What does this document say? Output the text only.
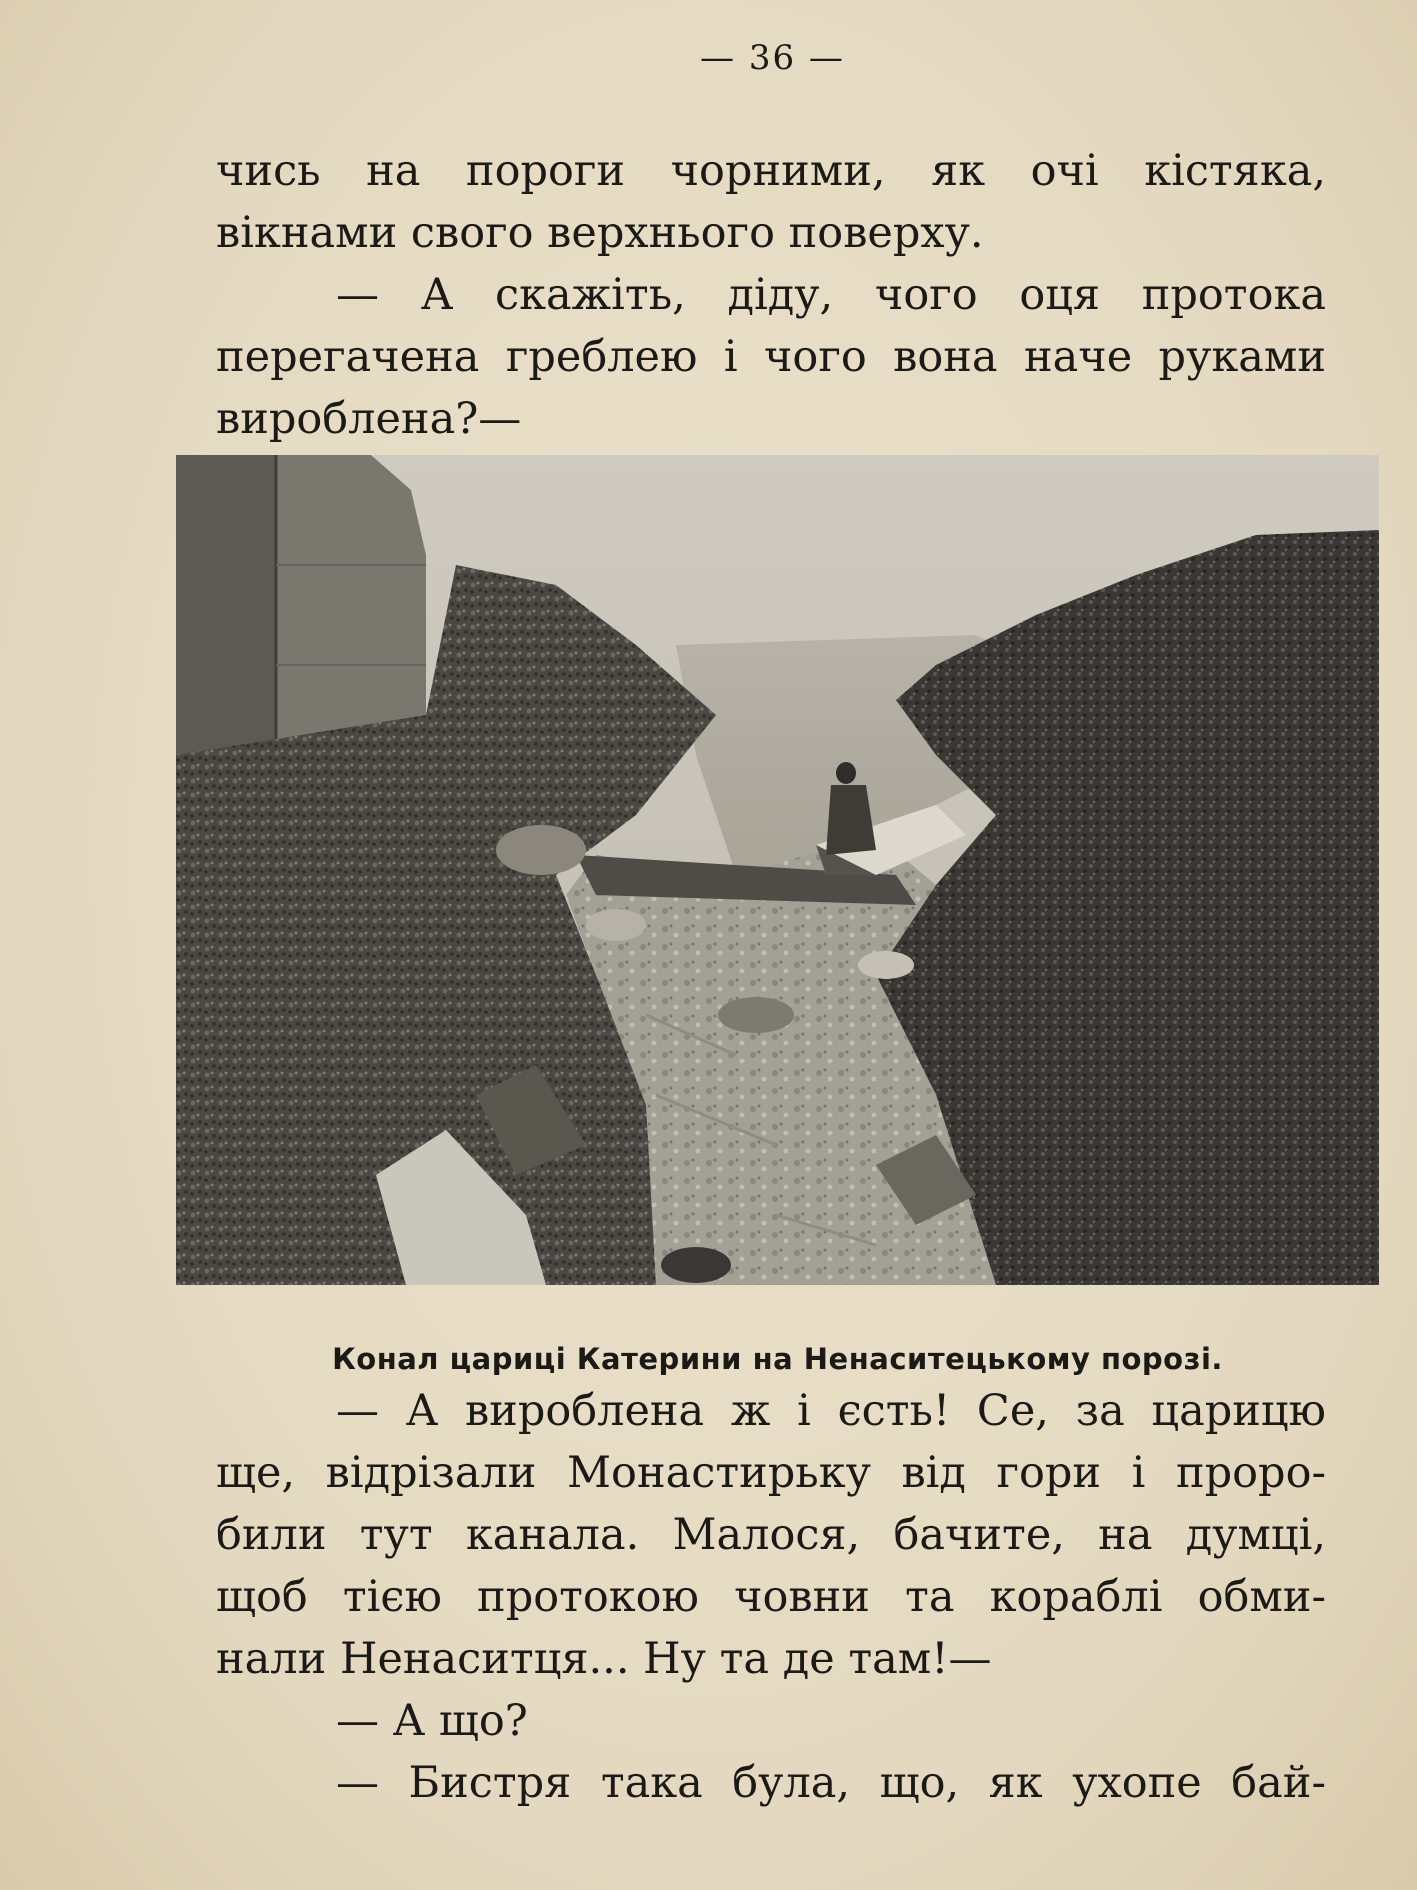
— 36 —
чись на пороги чорними, як очі кістяка,
вікнами свого верхнього поверху.
— А скажіть, діду, чого оця протока
перегачена греблею і чого вона наче руками
вироблена?—
Конал цариці Катерини на Ненаситецькому порозі.
— А вироблена ж і єсть! Се, за царицю
ще, відрізали Монастирьку від гори і проро-
били тут канала. Малося, бачите, на думці,
щоб тією протокою човни та кораблі обми-
нали Ненаситця... Ну та де там!—
— А що?
— Бистря така була, що, як ухопе бай-
